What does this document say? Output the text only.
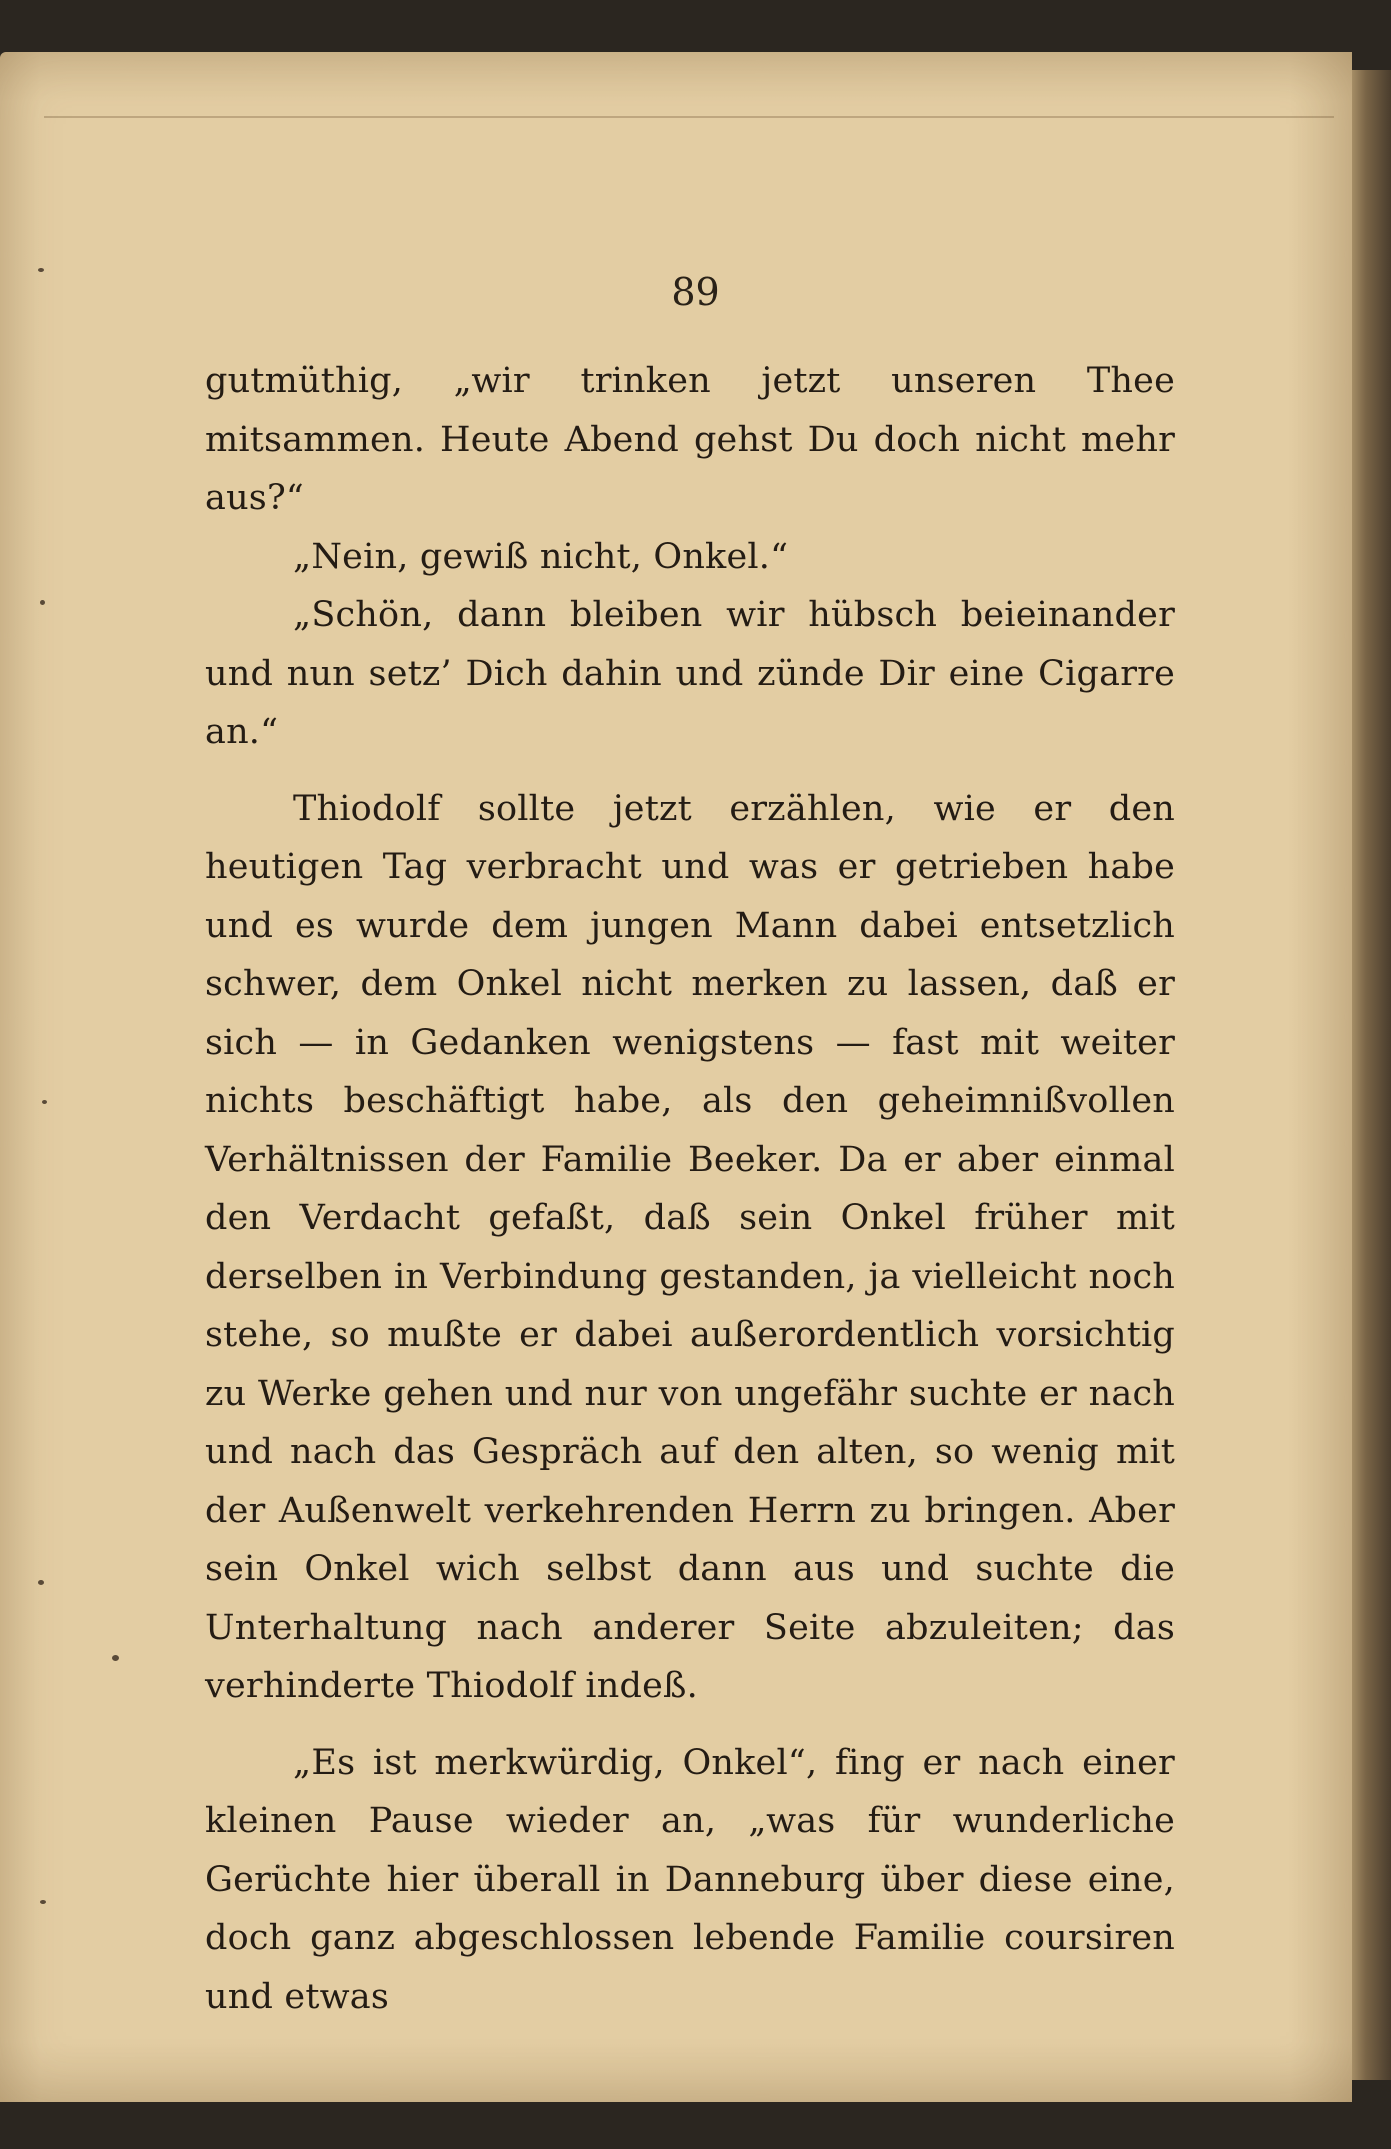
89

gutmüthig, „wir trinken jetzt unseren Thee mitsammen. Heute Abend gehst Du doch nicht mehr aus?“

„Nein, gewiß nicht, Onkel.“

„Schön, dann bleiben wir hübsch beieinander und nun setz’ Dich dahin und zünde Dir eine Cigarre an.“

Thiodolf sollte jetzt erzählen, wie er den heutigen Tag verbracht und was er getrieben habe und es wurde dem jungen Mann dabei entsetzlich schwer, dem Onkel nicht merken zu lassen, daß er sich — in Gedanken wenigstens — fast mit weiter nichts beschäftigt habe, als den geheimnißvollen Verhältnissen der Familie Beeker. Da er aber einmal den Verdacht gefaßt, daß sein Onkel früher mit derselben in Verbindung gestanden, ja vielleicht noch stehe, so mußte er dabei außerordentlich vorsichtig zu Werke gehen und nur von ungefähr suchte er nach und nach das Gespräch auf den alten, so wenig mit der Außenwelt verkehrenden Herrn zu bringen. Aber sein Onkel wich selbst dann aus und suchte die Unterhaltung nach anderer Seite abzuleiten; das verhinderte Thiodolf indeß.

„Es ist merkwürdig, Onkel“, fing er nach einer kleinen Pause wieder an, „was für wunderliche Gerüchte hier überall in Danneburg über diese eine, doch ganz abgeschlossen lebende Familie coursiren und etwas
